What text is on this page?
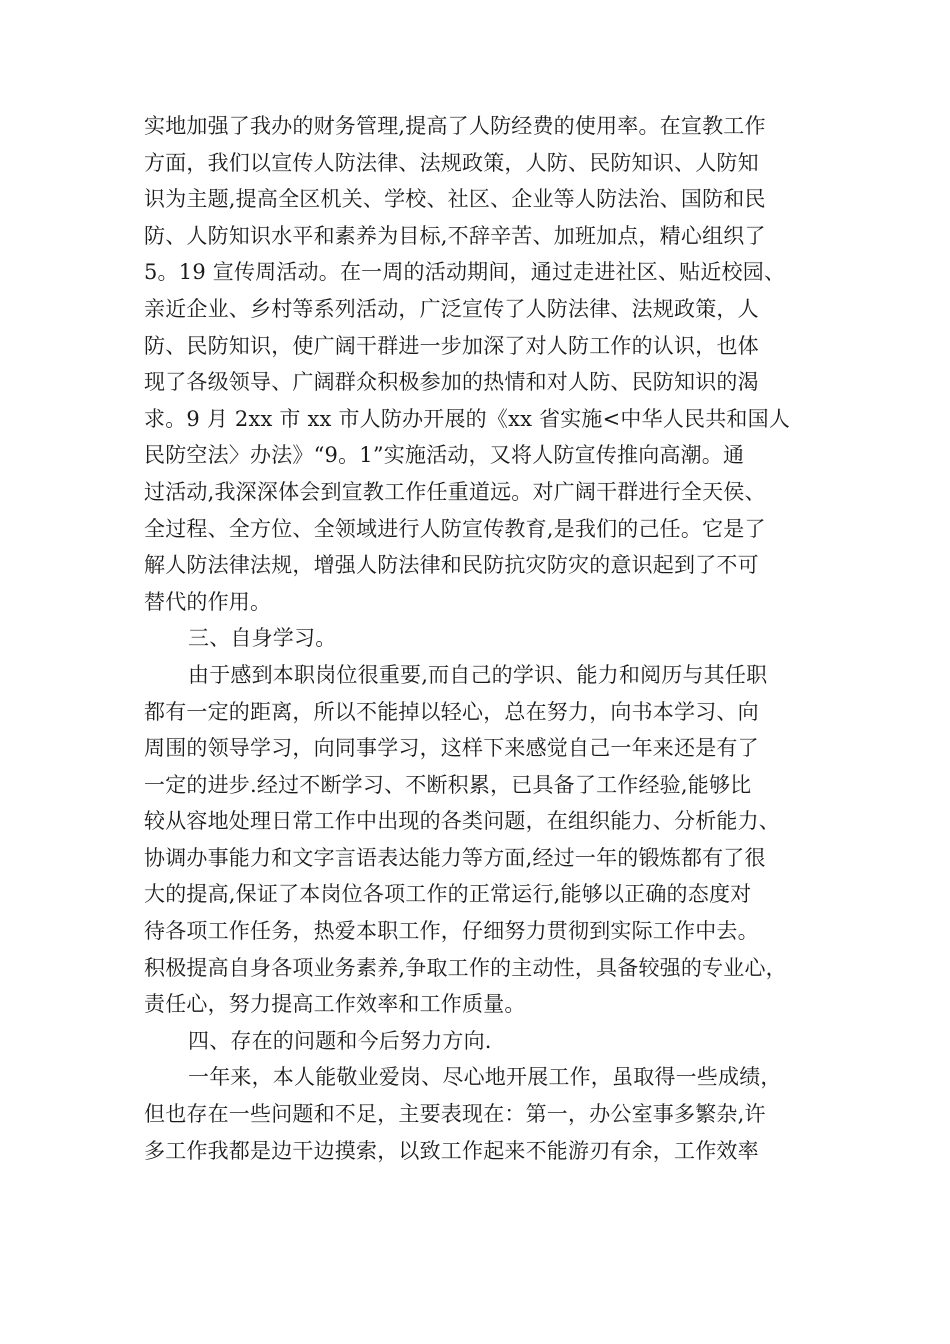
实地加强了我办的财务管理,提高了人防经费的使用率。在宣教工作
方面，我们以宣传人防法律、法规政策，人防、民防知识、人防知
识为主题,提高全区机关、学校、社区、企业等人防法治、国防和民
防、人防知识水平和素养为目标,不辞辛苦、加班加点，精心组织了
5。19 宣传周活动。在一周的活动期间，通过走进社区、贴近校园、
亲近企业、乡村等系列活动，广泛宣传了人防法律、法规政策，人
防、民防知识，使广阔干群进一步加深了对人防工作的认识，也体
现了各级领导、广阔群众积极参加的热情和对人防、民防知识的渴
求。9 月 2xx 市 xx 市人防办开展的《xx 省实施<中华人民共和国人
民防空法〉办法》“9。1”实施活动，又将人防宣传推向高潮。通
过活动,我深深体会到宣教工作任重道远。对广阔干群进行全天侯、
全过程、全方位、全领域进行人防宣传教育,是我们的己任。它是了
解人防法律法规，增强人防法律和民防抗灾防灾的意识起到了不可
替代的作用。
三、自身学习。
由于感到本职岗位很重要,而自己的学识、能力和阅历与其任职
都有一定的距离，所以不能掉以轻心，总在努力，向书本学习、向
周围的领导学习，向同事学习，这样下来感觉自己一年来还是有了
一定的进步.经过不断学习、不断积累，已具备了工作经验,能够比
较从容地处理日常工作中出现的各类问题，在组织能力、分析能力、
协调办事能力和文字言语表达能力等方面,经过一年的锻炼都有了很
大的提高,保证了本岗位各项工作的正常运行,能够以正确的态度对
待各项工作任务，热爱本职工作，仔细努力贯彻到实际工作中去。
积极提高自身各项业务素养,争取工作的主动性，具备较强的专业心，
责任心，努力提高工作效率和工作质量。
四、存在的问题和今后努力方向.
一年来，本人能敬业爱岗、尽心地开展工作，虽取得一些成绩，
但也存在一些问题和不足，主要表现在：第一，办公室事多繁杂,许
多工作我都是边干边摸索，以致工作起来不能游刃有余，工作效率
